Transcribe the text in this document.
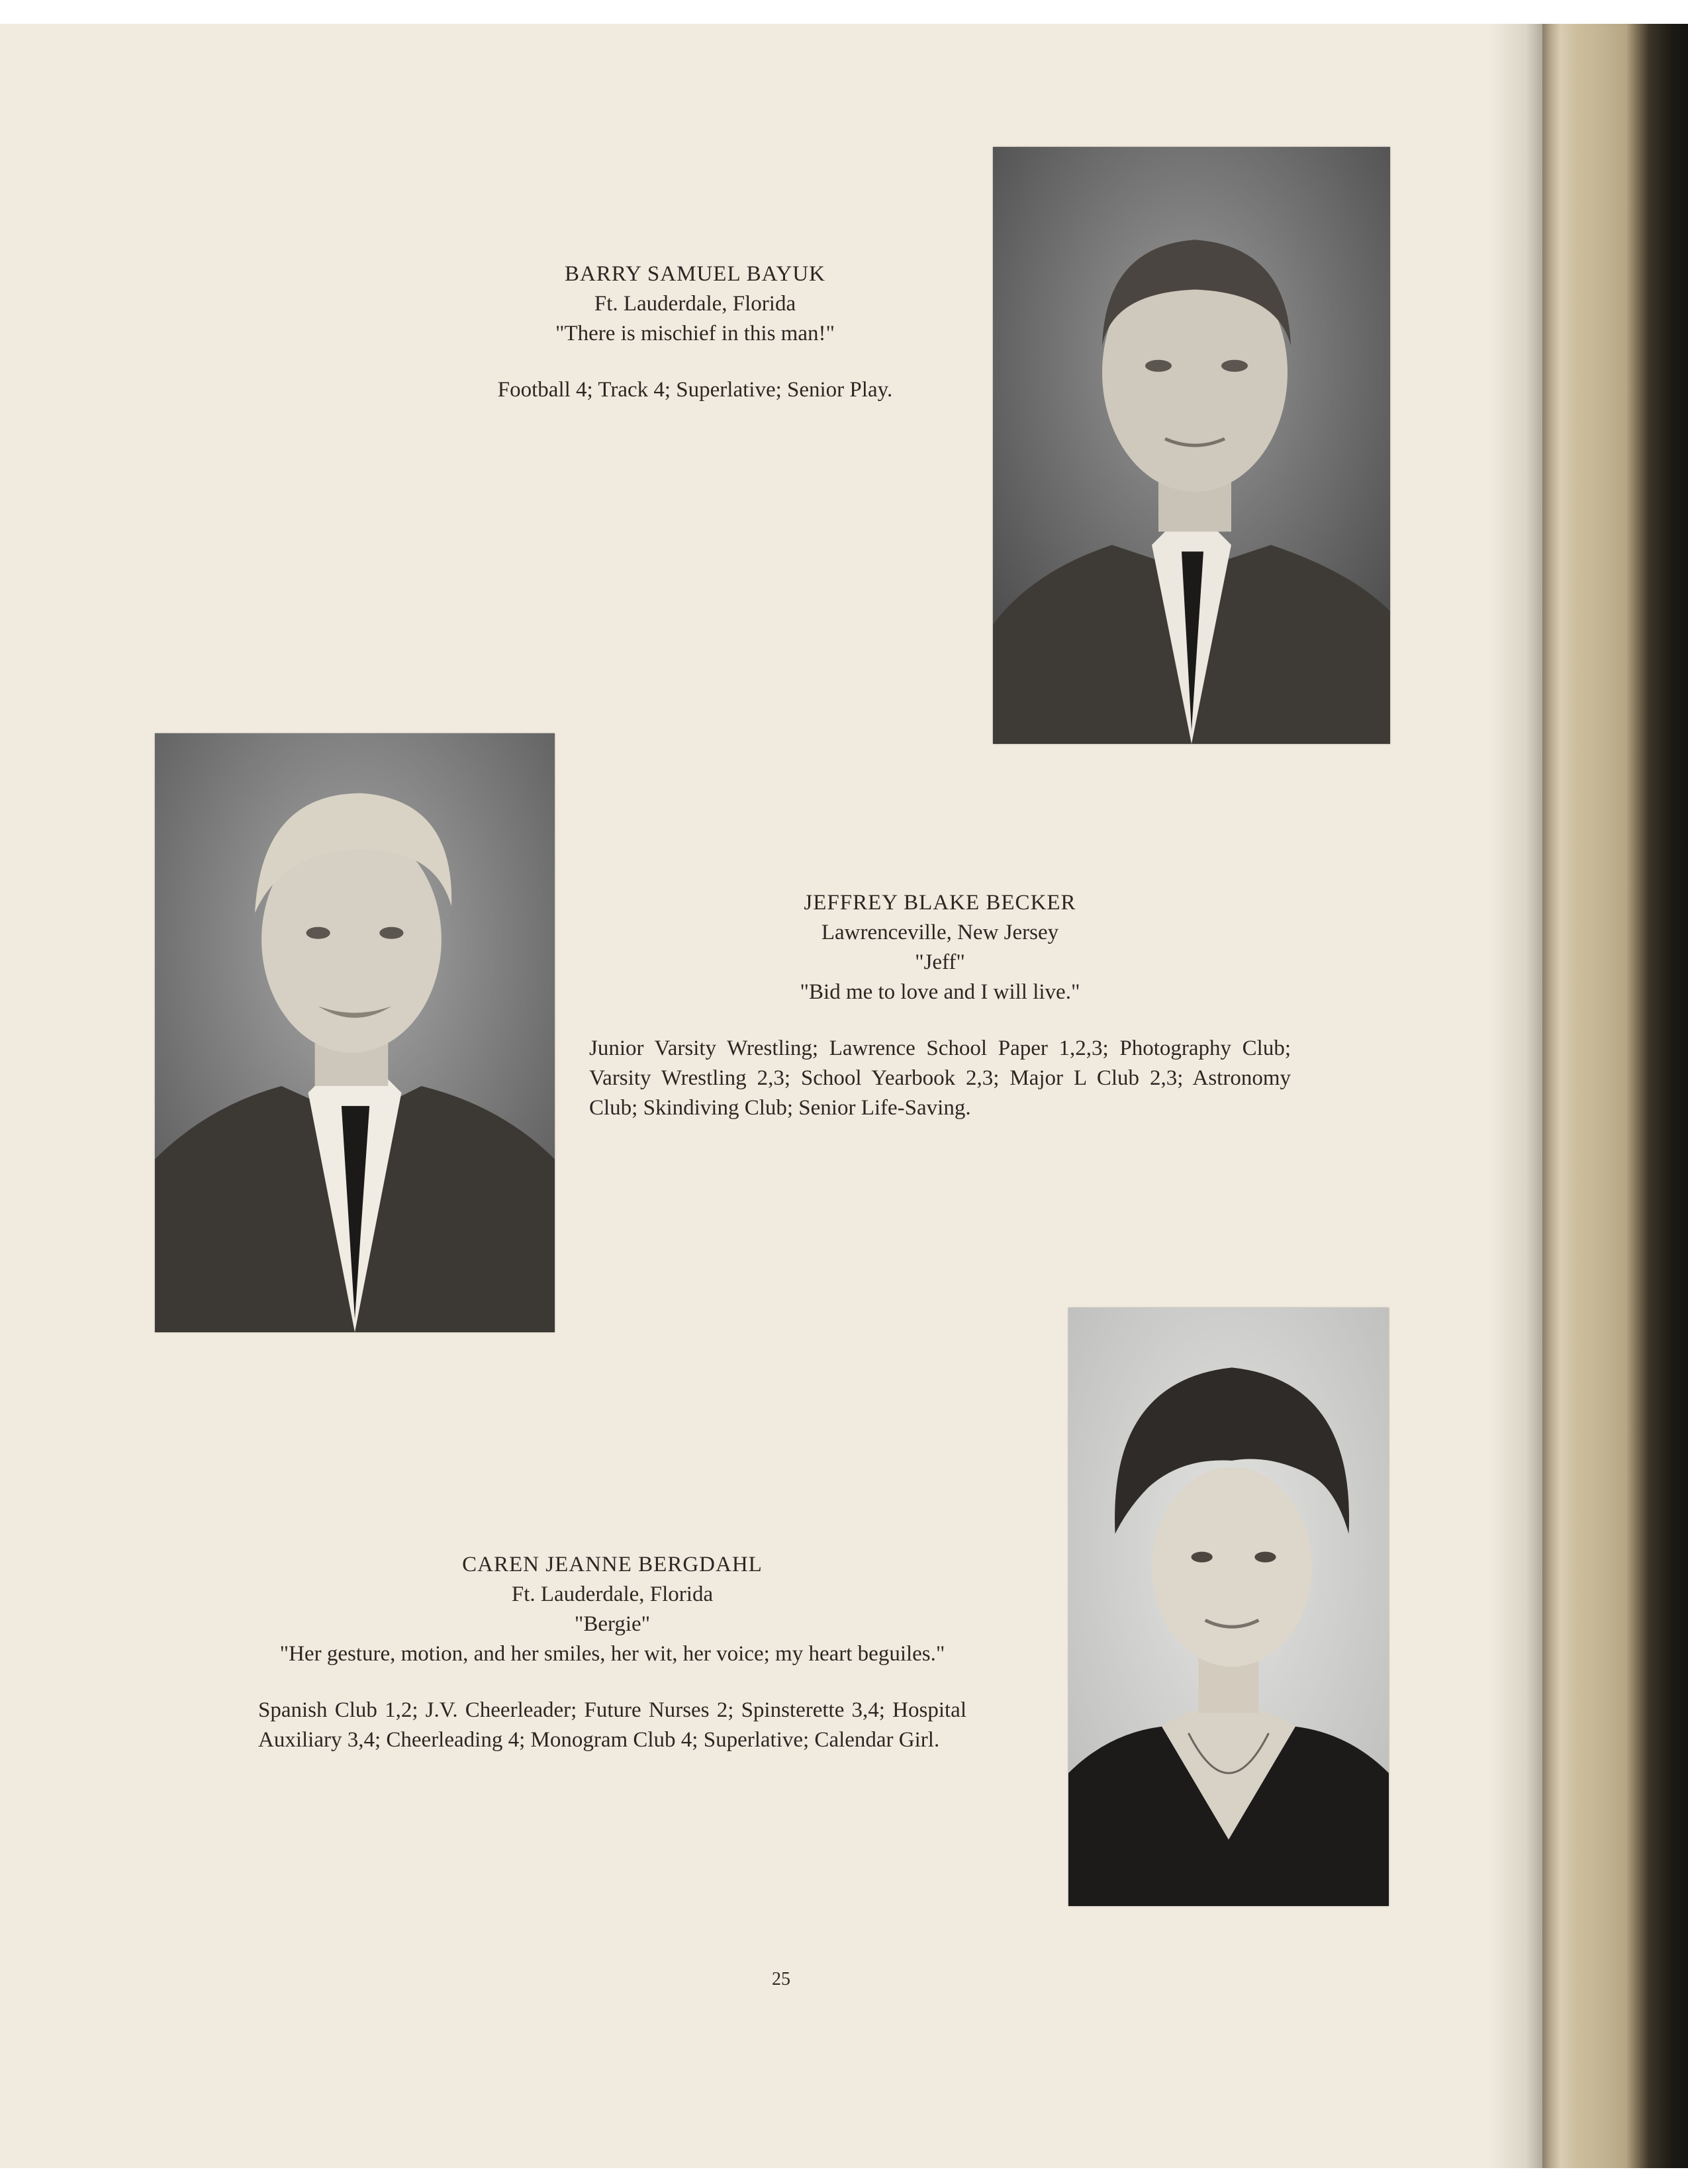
BARRY SAMUEL BAYUK
Ft. Lauderdale, Florida
"There is mischief in this man!"
Football 4; Track 4; Superlative; Senior Play.
JEFFREY BLAKE BECKER
Lawrenceville, New Jersey
"Jeff"
"Bid me to love and I will live."
Junior Varsity Wrestling; Lawrence School Paper 1,2,3; Photography Club; Varsity Wrestling 2,3; School Yearbook 2,3; Major L Club 2,3; Astronomy Club; Skindiving Club; Senior Life-Saving.
CAREN JEANNE BERGDAHL
Ft. Lauderdale, Florida
"Bergie"
"Her gesture, motion, and her smiles, her wit, her voice; my heart beguiles."
Spanish Club 1,2; J.V. Cheerleader; Future Nurses 2; Spinsterette 3,4; Hospital Auxiliary 3,4; Cheerleading 4; Monogram Club 4; Superlative; Calendar Girl.
25
